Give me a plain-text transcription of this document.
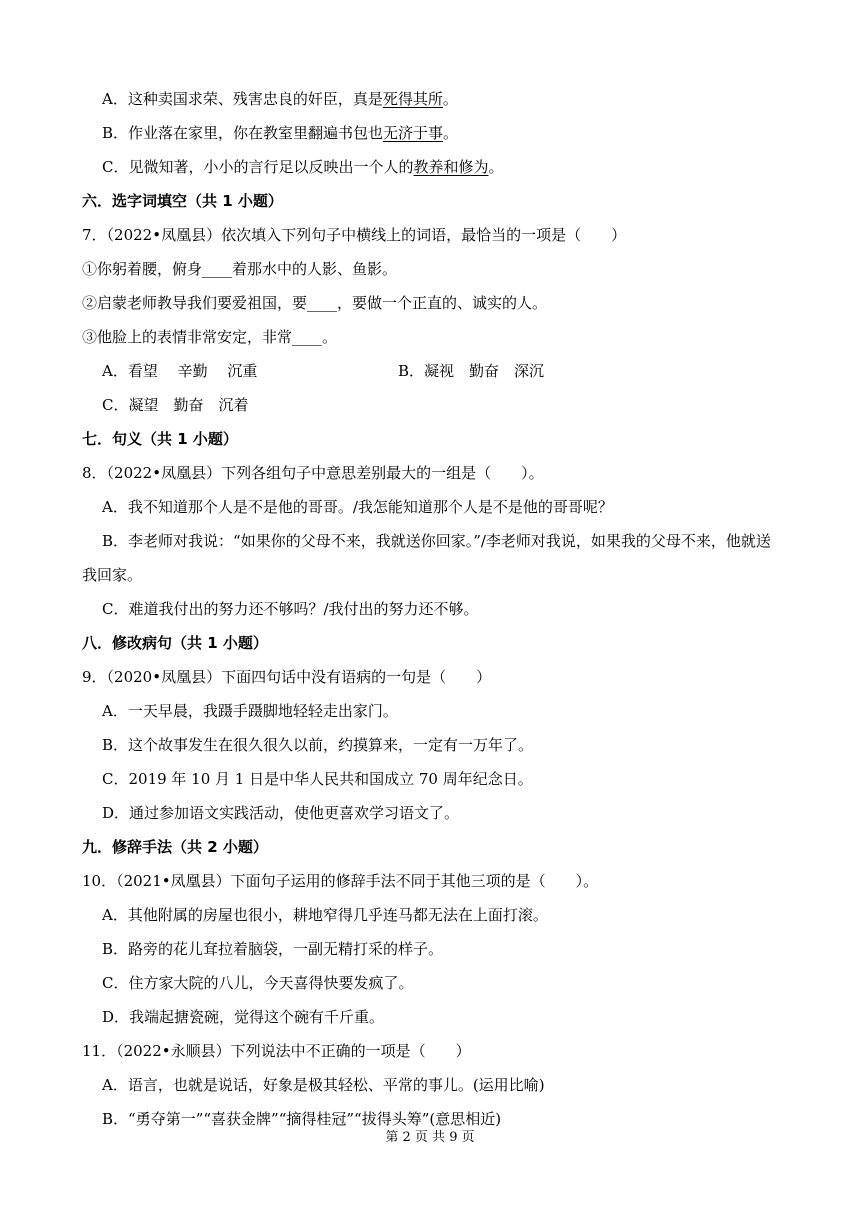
A．这种卖国求荣、残害忠良的奸臣，真是死得其所。
B．作业落在家里，你在教室里翻遍书包也无济于事。
C．见微知著，小小的言行足以反映出一个人的教养和修为。
六．选字词填空（共 1 小题）
7．（2022•凤凰县）依次填入下列句子中横线上的词语，最恰当的一项是（　　）
①你躬着腰，俯身____着那水中的人影、鱼影。
②启蒙老师教导我们要爱祖国，要____，要做一个正直的、诚实的人。
③他脸上的表情非常安定，非常____。
A．看望　 辛勤　 沉重	B．凝视　勤奋　深沉
C．凝望　勤奋　沉着
七．句义（共 1 小题）
8．（2022•凤凰县）下列各组句子中意思差别最大的一组是（　　）。
A．我不知道那个人是不是他的哥哥。/我怎能知道那个人是不是他的哥哥呢？
B．李老师对我说：“如果你的父母不来，我就送你回家。”/李老师对我说，如果我的父母不来，他就送
我回家。
C．难道我付出的努力还不够吗？/我付出的努力还不够。
八．修改病句（共 1 小题）
9．（2020•凤凰县）下面四句话中没有语病的一句是（　　）
A．一天早晨，我蹑手蹑脚地轻轻走出家门。
B．这个故事发生在很久很久以前，约摸算来，一定有一万年了。
C．2019 年 10 月 1 日是中华人民共和国成立 70 周年纪念日。
D．通过参加语文实践活动，使他更喜欢学习语文了。
九．修辞手法（共 2 小题）
10．（2021•凤凰县）下面句子运用的修辞手法不同于其他三项的是（　　）。
A．其他附属的房屋也很小，耕地窄得几乎连马都无法在上面打滚。
B．路旁的花儿耷拉着脑袋，一副无精打采的样子。
C．住方家大院的八儿，今天喜得快要发疯了。
D．我端起搪瓷碗，觉得这个碗有千斤重。
11．（2022•永顺县）下列说法中不正确的一项是（　　）
A．语言，也就是说话，好象是极其轻松、平常的事儿。(运用比喻)
B．“勇夺第一”“喜获金牌”“摘得桂冠”“拔得头筹”(意思相近)
第 2 页 共 9 页
